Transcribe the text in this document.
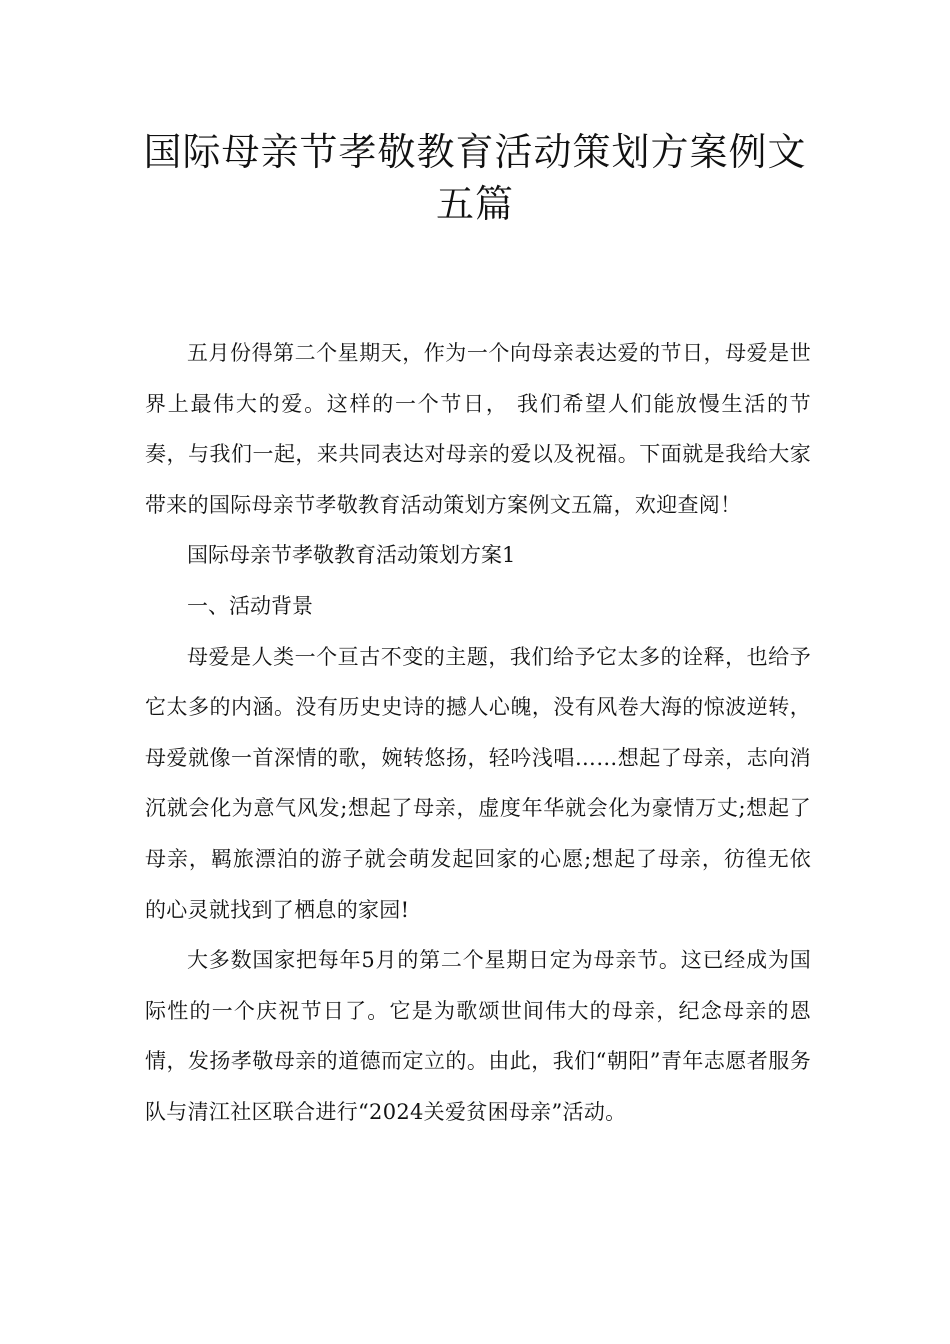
国际母亲节孝敬教育活动策划方案例文
五篇

五月份得第二个星期天，作为一个向母亲表达爱的节日，母爱是世界上最伟大的爱。这样的一个节日， 我们希望人们能放慢生活的节奏，与我们一起，来共同表达对母亲的爱以及祝福。下面就是我给大家带来的国际母亲节孝敬教育活动策划方案例文五篇，欢迎查阅！

国际母亲节孝敬教育活动策划方案1

一、活动背景

母爱是人类一个亘古不变的主题，我们给予它太多的诠释，也给予它太多的内涵。没有历史史诗的撼人心魄，没有风卷大海的惊波逆转，母爱就像一首深情的歌，婉转悠扬，轻吟浅唱……想起了母亲，志向消沉就会化为意气风发;想起了母亲，虚度年华就会化为豪情万丈;想起了母亲，羁旅漂泊的游子就会萌发起回家的心愿;想起了母亲，彷徨无依的心灵就找到了栖息的家园!

大多数国家把每年5月的第二个星期日定为母亲节。这已经成为国际性的一个庆祝节日了。它是为歌颂世间伟大的母亲，纪念母亲的恩情，发扬孝敬母亲的道德而定立的。由此，我们“朝阳”青年志愿者服务队与清江社区联合进行“2024关爱贫困母亲”活动。
